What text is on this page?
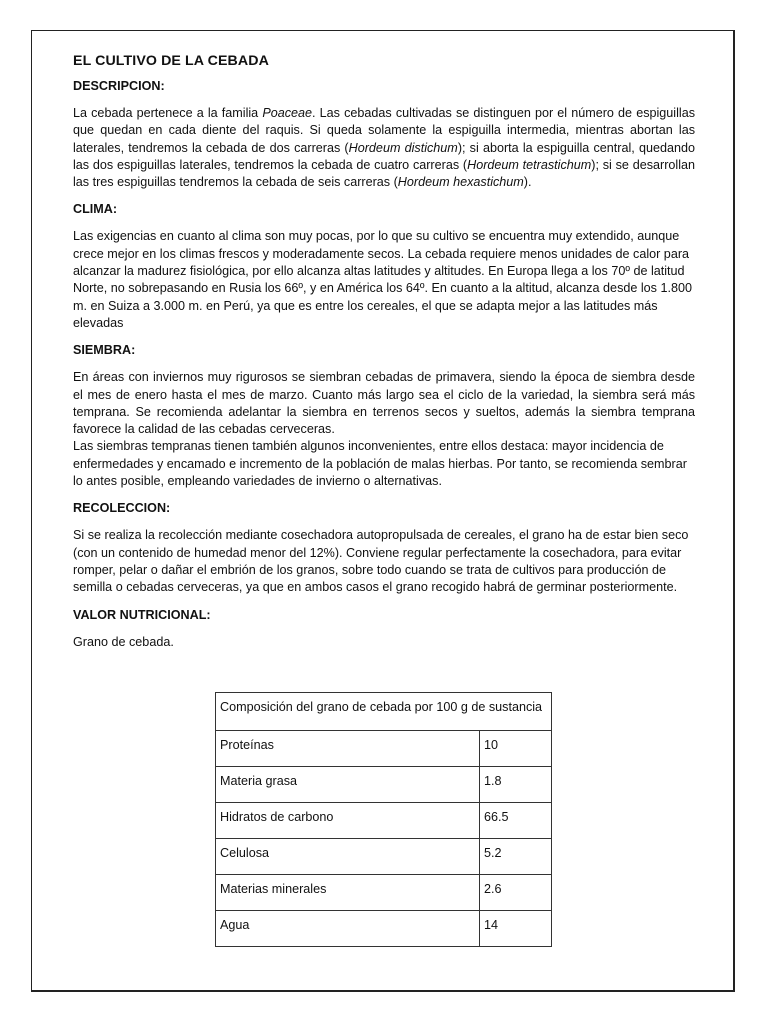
EL CULTIVO DE LA CEBADA
DESCRIPCION:

La cebada pertenece a la familia Poaceae. Las cebadas cultivadas se distinguen por el número de espiguillas que quedan en cada diente del raquis. Si queda solamente la espiguilla intermedia, mientras abortan las laterales, tendremos la cebada de dos carreras (Hordeum distichum); si aborta la espiguilla central, quedando las dos espiguillas laterales, tendremos la cebada de cuatro carreras (Hordeum tetrastichum); si se desarrollan las tres espiguillas tendremos la cebada de seis carreras (Hordeum hexastichum).

CLIMA:

Las exigencias en cuanto al clima son muy pocas, por lo que su cultivo se encuentra muy extendido, aunque crece mejor en los climas frescos y moderadamente secos. La cebada requiere menos unidades de calor para alcanzar la madurez fisiológica, por ello alcanza altas latitudes y altitudes. En Europa llega a los 70º de latitud Norte, no sobrepasando en Rusia los 66º, y en América los 64º. En cuanto a la altitud, alcanza desde los 1.800 m. en Suiza a 3.000 m. en Perú, ya que es entre los cereales, el que se adapta mejor a las latitudes más elevadas

SIEMBRA:

En áreas con inviernos muy rigurosos se siembran cebadas de primavera, siendo la época de siembra desde el mes de enero hasta el mes de marzo. Cuanto más largo sea el ciclo de la variedad, la siembra será más temprana. Se recomienda adelantar la siembra en terrenos secos y sueltos, además la siembra temprana favorece la calidad de las cebadas cerveceras.

Las siembras tempranas tienen también algunos inconvenientes, entre ellos destaca: mayor incidencia de enfermedades y encamado e incremento de la población de malas hierbas. Por tanto, se recomienda sembrar lo antes posible, empleando variedades de invierno o alternativas.

RECOLECCION:

Si se realiza la recolección mediante cosechadora autopropulsada de cereales, el grano ha de estar bien seco (con un contenido de humedad menor del 12%). Conviene regular perfectamente la cosechadora, para evitar romper, pelar o dañar el embrión de los granos, sobre todo cuando se trata de cultivos para producción de semilla o cebadas cerveceras, ya que en ambos casos el grano recogido habrá de germinar posteriormente.

VALOR NUTRICIONAL:

Grano de cebada.

Composición del grano de cebada por 100 g de sustancia	
Proteínas	10
Materia grasa	1.8
Hidratos de carbono	66.5
Celulosa	5.2
Materias minerales	2.6
Agua	14
